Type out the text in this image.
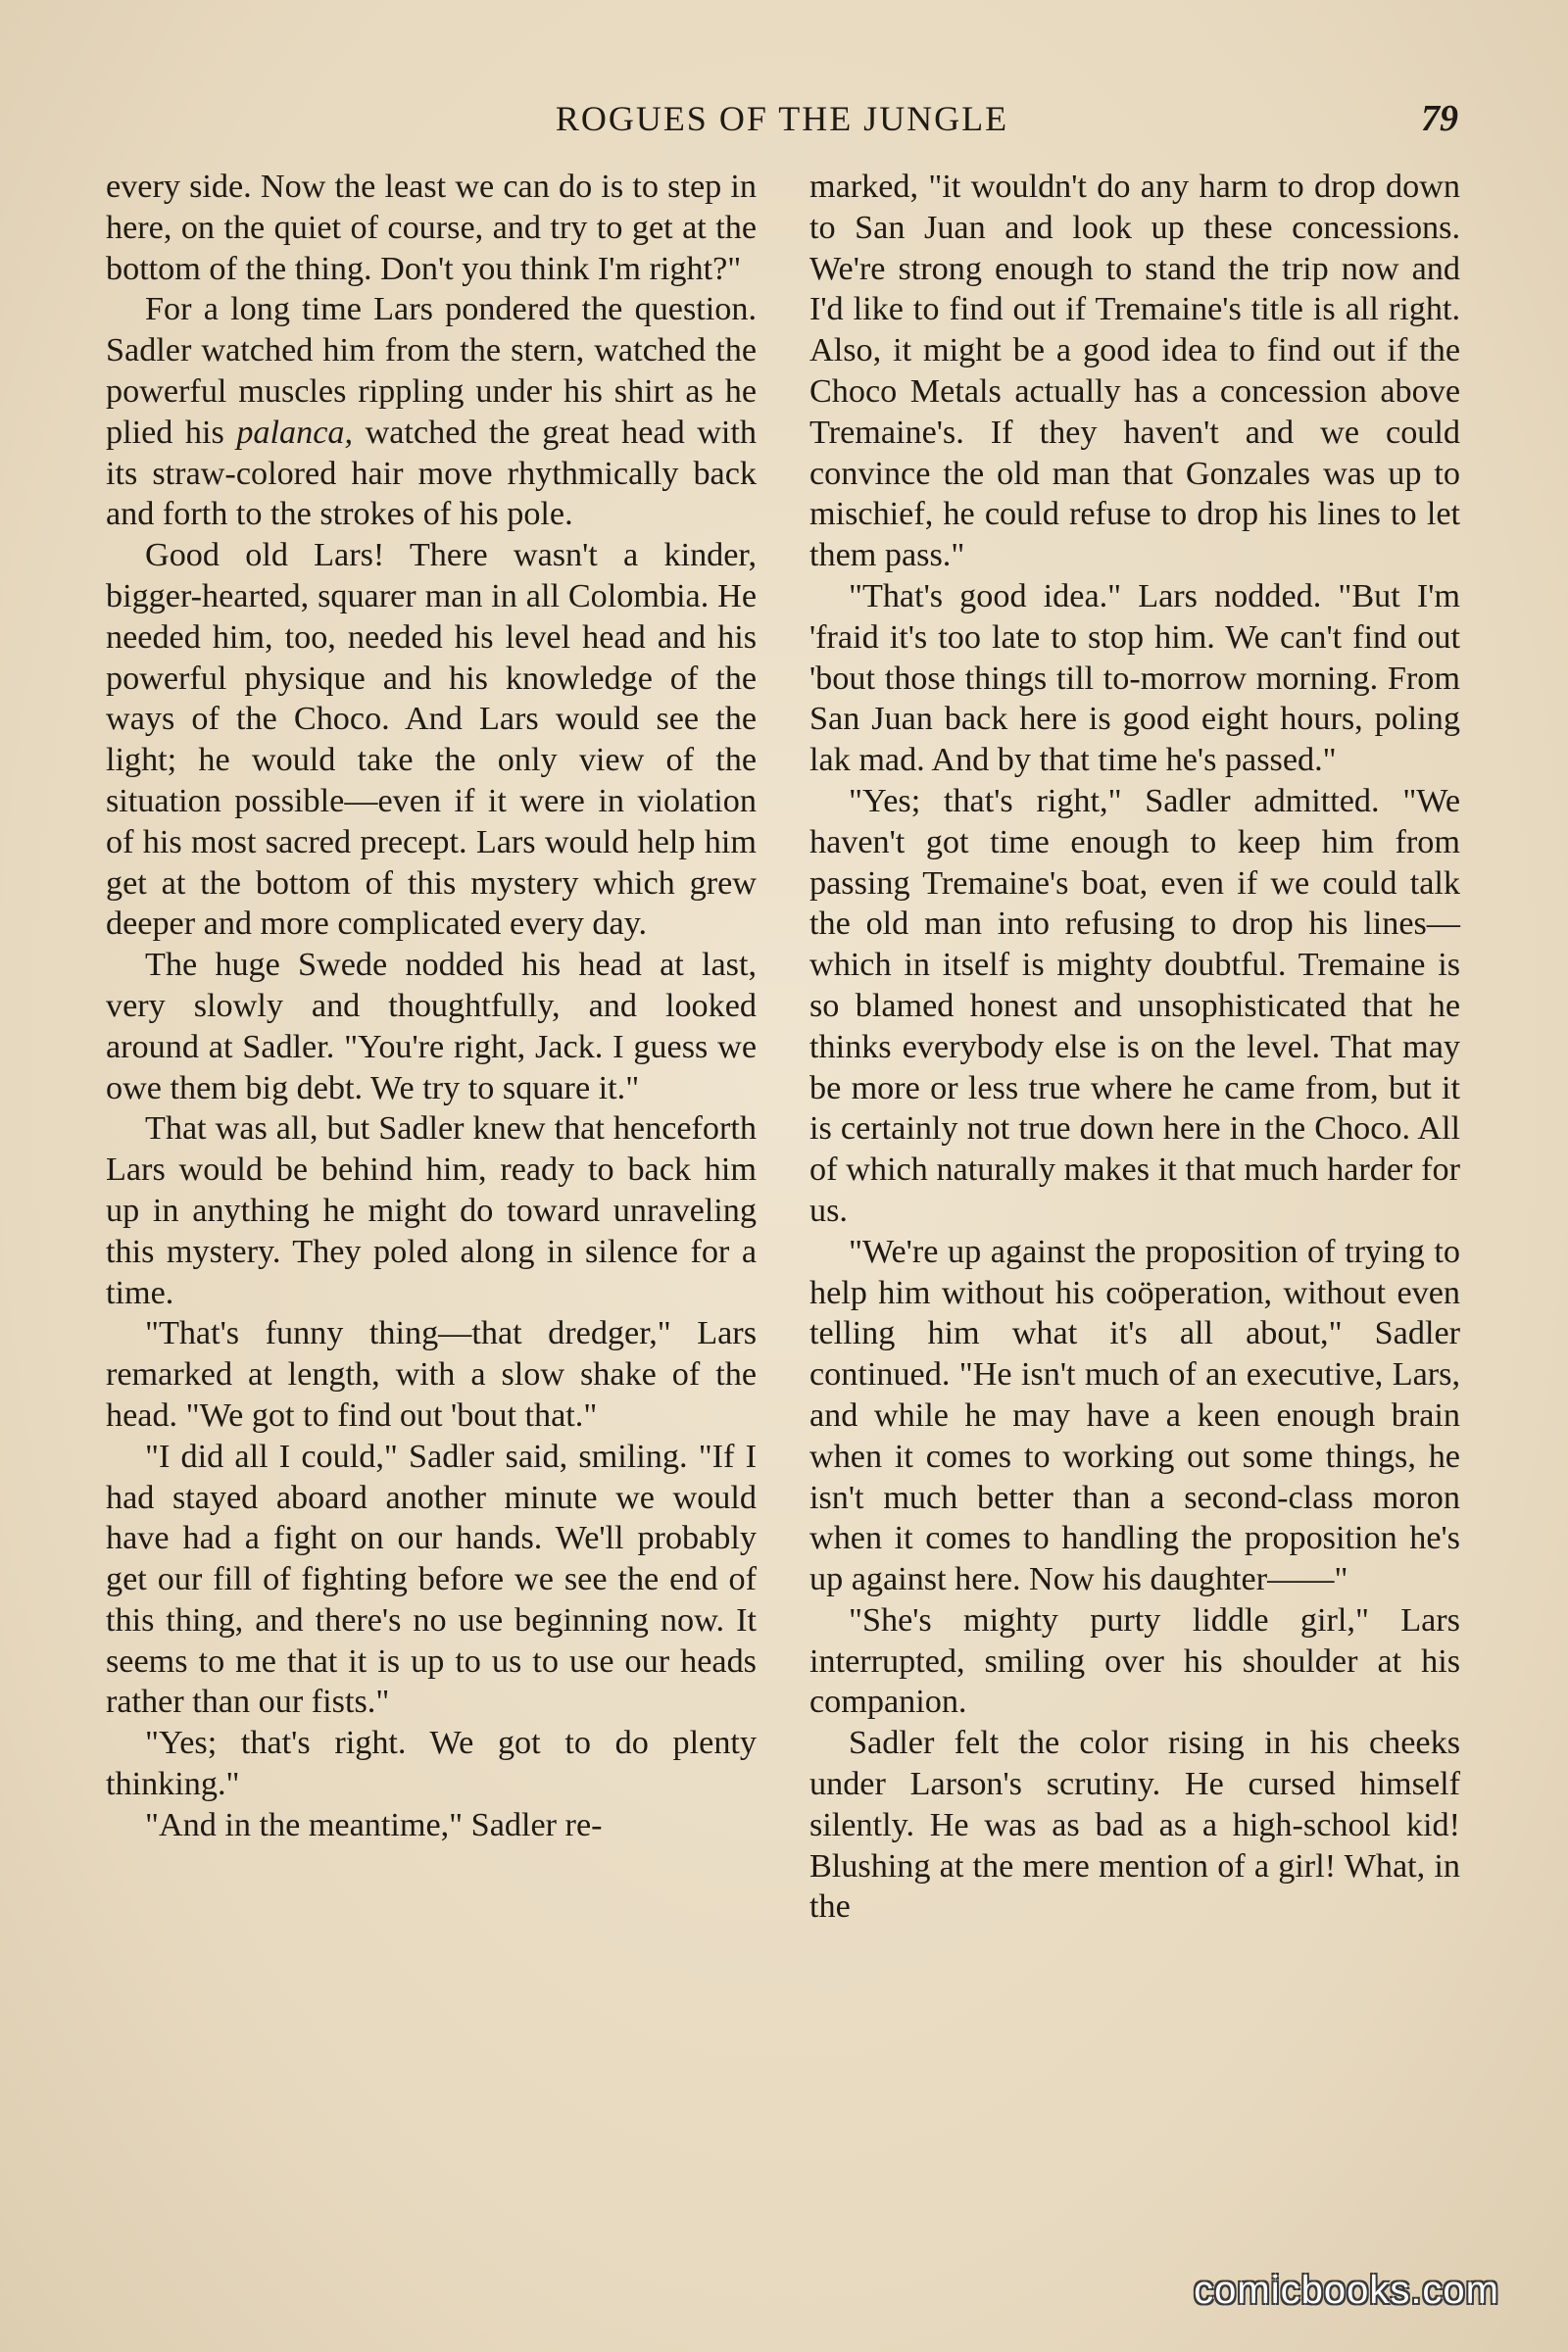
ROGUES OF THE JUNGLE	79

every side. Now the least we can do is to step in here, on the quiet of course, and try to get at the bottom of the thing. Don't you think I'm right?"

For a long time Lars pondered the question. Sadler watched him from the stern, watched the powerful muscles rippling under his shirt as he plied his palanca, watched the great head with its straw-colored hair move rhythmically back and forth to the strokes of his pole.

Good old Lars! There wasn't a kinder, bigger-hearted, squarer man in all Colombia. He needed him, too, needed his level head and his powerful physique and his knowledge of the ways of the Choco. And Lars would see the light; he would take the only view of the situation possible—even if it were in violation of his most sacred precept. Lars would help him get at the bottom of this mystery which grew deeper and more complicated every day.

The huge Swede nodded his head at last, very slowly and thoughtfully, and looked around at Sadler. "You're right, Jack. I guess we owe them big debt. We try to square it."

That was all, but Sadler knew that henceforth Lars would be behind him, ready to back him up in anything he might do toward unraveling this mystery. They poled along in silence for a time.

"That's funny thing—that dredger," Lars remarked at length, with a slow shake of the head. "We got to find out 'bout that."

"I did all I could," Sadler said, smiling. "If I had stayed aboard another minute we would have had a fight on our hands. We'll probably get our fill of fighting before we see the end of this thing, and there's no use beginning now. It seems to me that it is up to us to use our heads rather than our fists."

"Yes; that's right. We got to do plenty thinking."

"And in the meantime," Sadler re-

marked, "it wouldn't do any harm to drop down to San Juan and look up these concessions. We're strong enough to stand the trip now and I'd like to find out if Tremaine's title is all right. Also, it might be a good idea to find out if the Choco Metals actually has a concession above Tremaine's. If they haven't and we could convince the old man that Gonzales was up to mischief, he could refuse to drop his lines to let them pass."

"That's good idea." Lars nodded. "But I'm 'fraid it's too late to stop him. We can't find out 'bout those things till to-morrow morning. From San Juan back here is good eight hours, poling lak mad. And by that time he's passed."

"Yes; that's right," Sadler admitted. "We haven't got time enough to keep him from passing Tremaine's boat, even if we could talk the old man into refusing to drop his lines—which in itself is mighty doubtful. Tremaine is so blamed honest and unsophisticated that he thinks everybody else is on the level. That may be more or less true where he came from, but it is certainly not true down here in the Choco. All of which naturally makes it that much harder for us.

"We're up against the proposition of trying to help him without his coöperation, without even telling him what it's all about," Sadler continued. "He isn't much of an executive, Lars, and while he may have a keen enough brain when it comes to working out some things, he isn't much better than a second-class moron when it comes to handling the proposition he's up against here. Now his daughter——"

"She's mighty purty liddle girl," Lars interrupted, smiling over his shoulder at his companion.

Sadler felt the color rising in his cheeks under Larson's scrutiny. He cursed himself silently. He was as bad as a high-school kid! Blushing at the mere mention of a girl! What, in the

comicbooks.com
